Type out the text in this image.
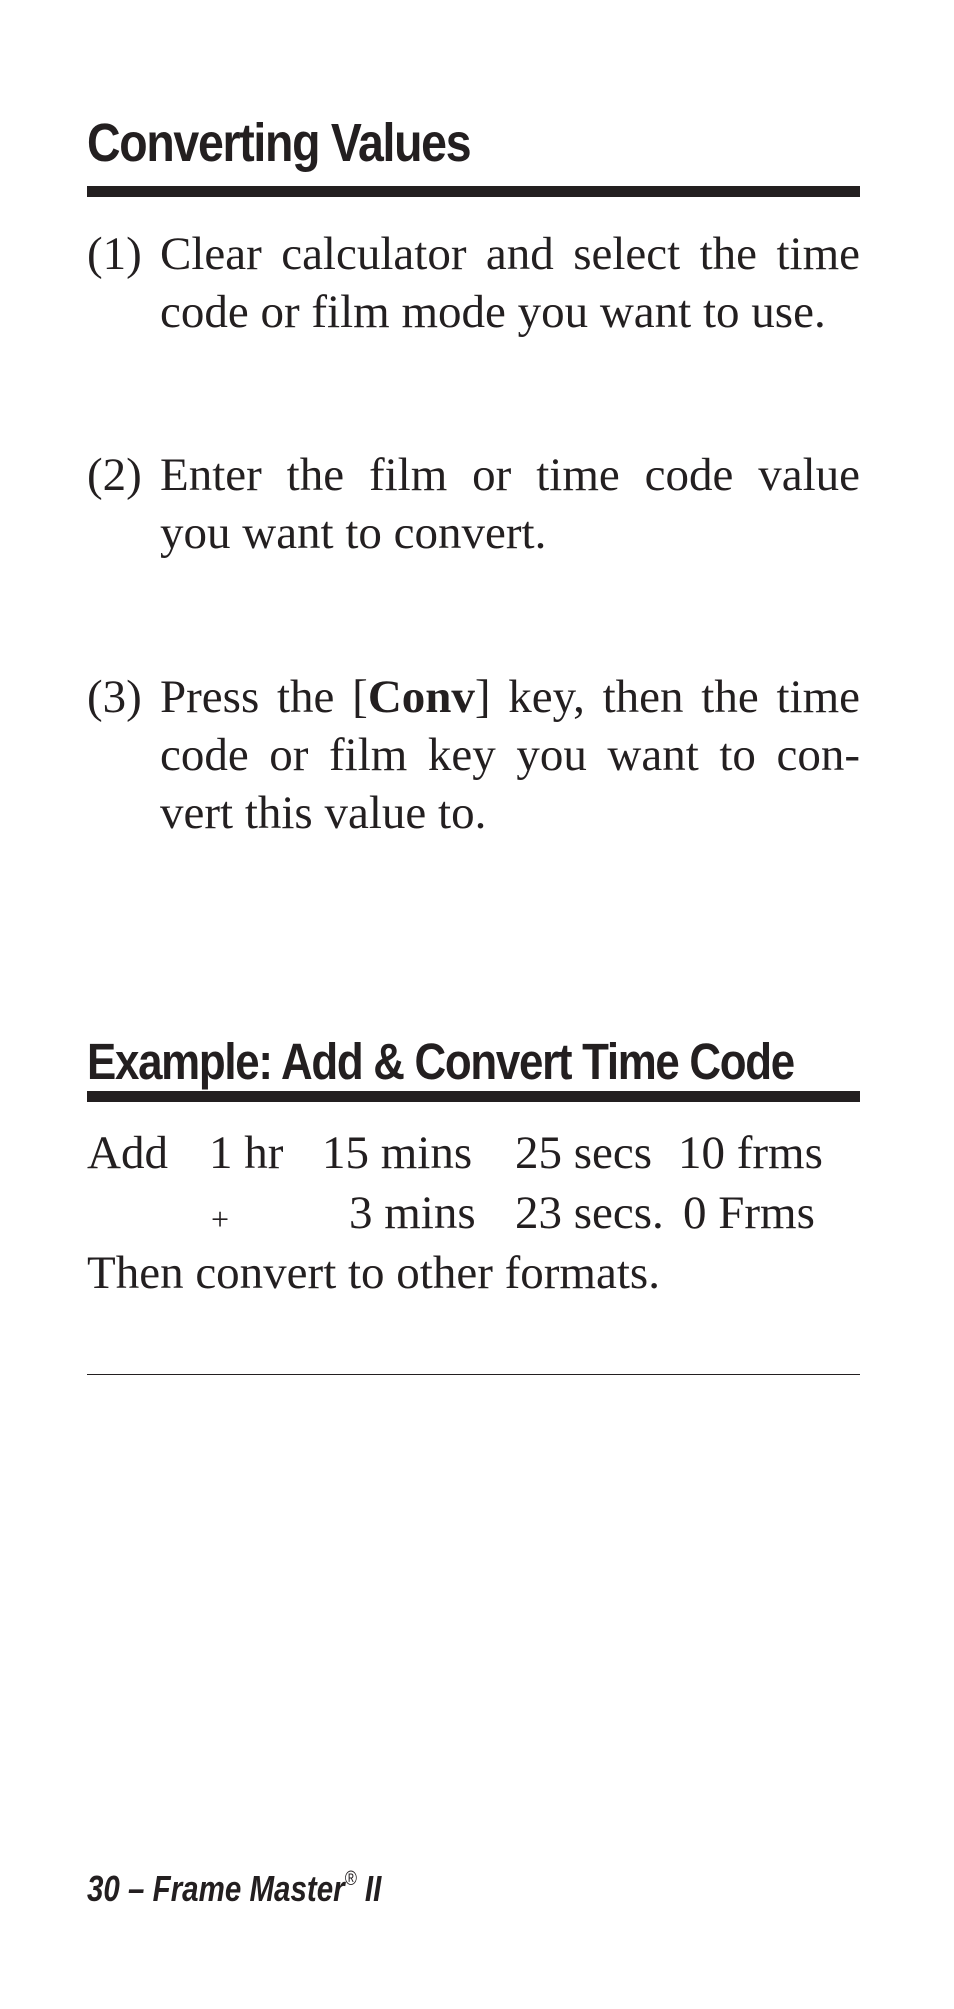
Converting Values
(1) Clear calculator and select the time code or film mode you want to use.
(2) Enter the film or time code value you want to convert.
(3) Press the [Conv] key, then the time code or film key you want to con-vert this value to.
Example: Add & Convert Time Code
Add 1 hr 15 mins 25 secs 10 frms
+	3 mins 23 secs. 0 Frms
Then convert to other formats.
30 – Frame Master® II
